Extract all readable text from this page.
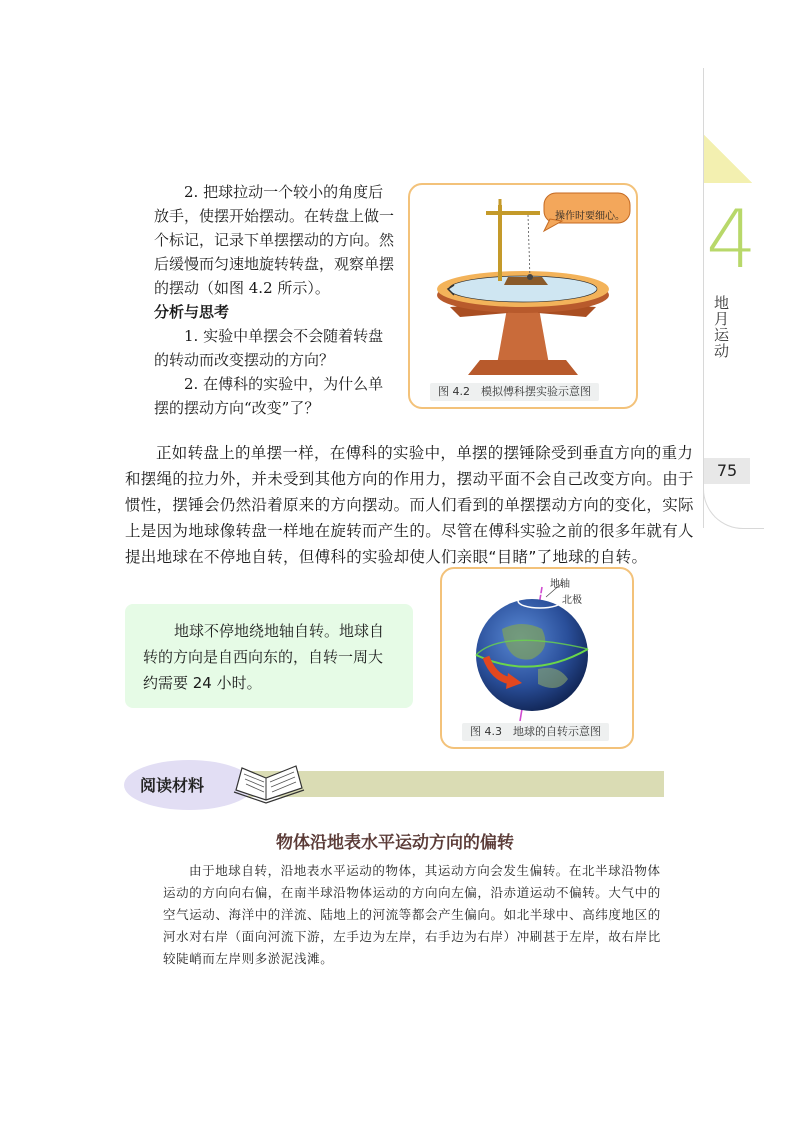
4
地月运动
75

2. 把球拉动一个较小的角度后放手，使摆开始摆动。在转盘上做一个标记，记录下单摆摆动的方向。然后缓慢而匀速地旋转转盘，观察单摆的摆动（如图 4.2 所示）。

分析与思考

1. 实验中单摆会不会随着转盘的转动而改变摆动的方向？

2. 在傅科的实验中，为什么单摆的摆动方向“改变”了？

操作时要细心。
图 4.2　模拟傅科摆实验示意图

正如转盘上的单摆一样，在傅科的实验中，单摆的摆锤除受到垂直方向的重力和摆绳的拉力外，并未受到其他方向的作用力，摆动平面不会自己改变方向。由于惯性，摆锤会仍然沿着原来的方向摆动。而人们看到的单摆摆动方向的变化，实际上是因为地球像转盘一样地在旋转而产生的。尽管在傅科实验之前的很多年就有人提出地球在不停地自转，但傅科的实验却使人们亲眼“目睹”了地球的自转。

地球不停地绕地轴自转。地球自转的方向是自西向东的，自转一周大约需要 24 小时。

地轴
北极
图 4.3　地球的自转示意图
阅读材料
物体沿地表水平运动方向的偏转

由于地球自转，沿地表水平运动的物体，其运动方向会发生偏转。在北半球沿物体运动的方向向右偏，在南半球沿物体运动的方向向左偏，沿赤道运动不偏转。大气中的空气运动、海洋中的洋流、陆地上的河流等都会产生偏向。如北半球中、高纬度地区的河水对右岸（面向河流下游，左手边为左岸，右手边为右岸）冲刷甚于左岸，故右岸比较陡峭而左岸则多淤泥浅滩。
